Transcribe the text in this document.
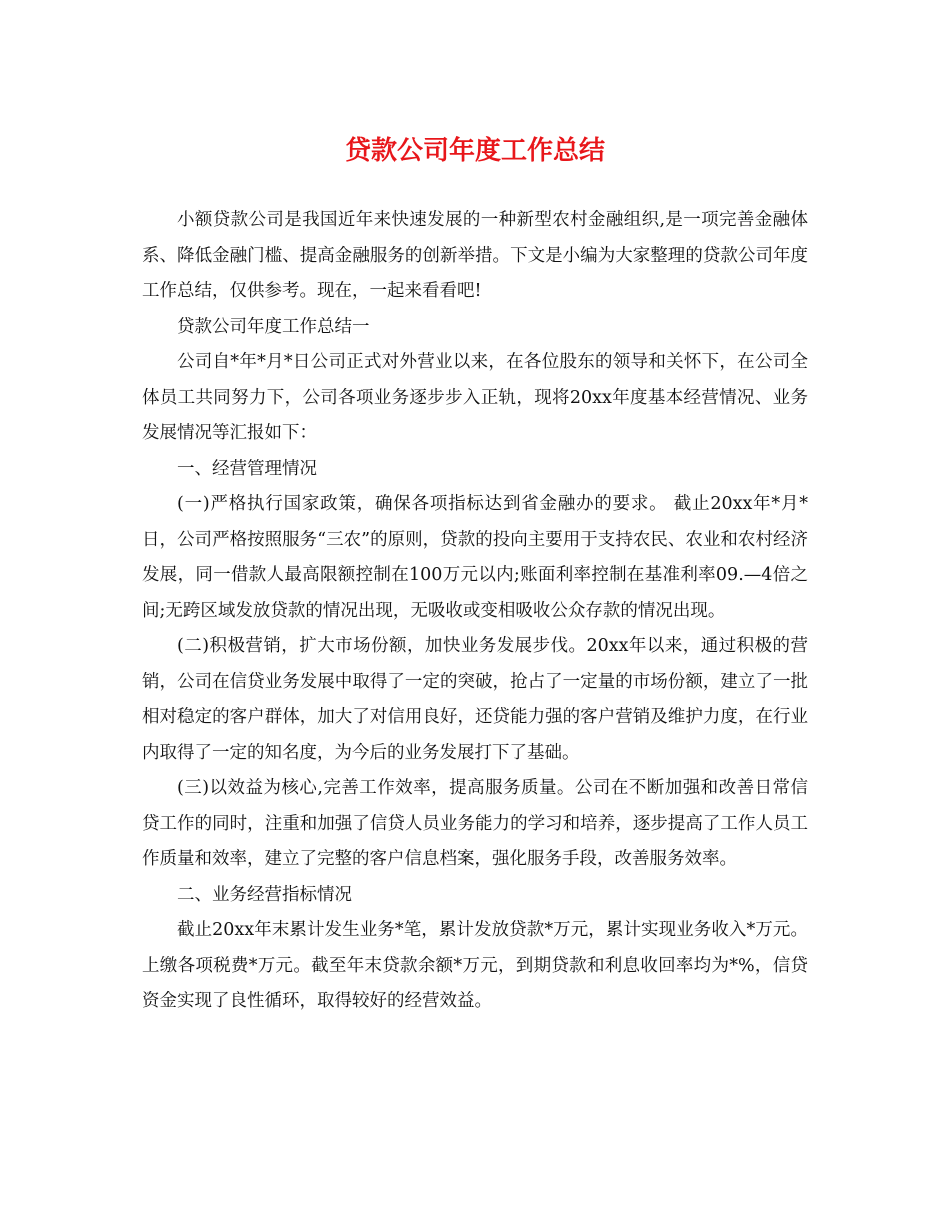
贷款公司年度工作总结

小额贷款公司是我国近年来快速发展的一种新型农村金融组织,是一项完善金融体系、降低金融门槛、提高金融服务的创新举措。下文是小编为大家整理的贷款公司年度工作总结，仅供参考。现在，一起来看看吧!

贷款公司年度工作总结一

公司自*年*月*日公司正式对外营业以来，在各位股东的领导和关怀下，在公司全体员工共同努力下，公司各项业务逐步步入正轨，现将20xx年度基本经营情况、业务发展情况等汇报如下：

一、经营管理情况

(一)严格执行国家政策，确保各项指标达到省金融办的要求。 截止20xx年*月*日，公司严格按照服务“三农”的原则，贷款的投向主要用于支持农民、农业和农村经济发展，同一借款人最高限额控制在100万元以内;账面利率控制在基准利率09.—4倍之间;无跨区域发放贷款的情况出现，无吸收或变相吸收公众存款的情况出现。

(二)积极营销，扩大市场份额，加快业务发展步伐。20xx年以来，通过积极的营销，公司在信贷业务发展中取得了一定的突破，抢占了一定量的市场份额，建立了一批相对稳定的客户群体，加大了对信用良好，还贷能力强的客户营销及维护力度，在行业内取得了一定的知名度，为今后的业务发展打下了基础。

(三)以效益为核心,完善工作效率，提高服务质量。公司在不断加强和改善日常信贷工作的同时，注重和加强了信贷人员业务能力的学习和培养，逐步提高了工作人员工作质量和效率，建立了完整的客户信息档案，强化服务手段，改善服务效率。

二、业务经营指标情况

截止20xx年末累计发生业务*笔，累计发放贷款*万元，累计实现业务收入*万元。上缴各项税费*万元。截至年末贷款余额*万元，到期贷款和利息收回率均为*%，信贷资金实现了良性循环，取得较好的经营效益。
